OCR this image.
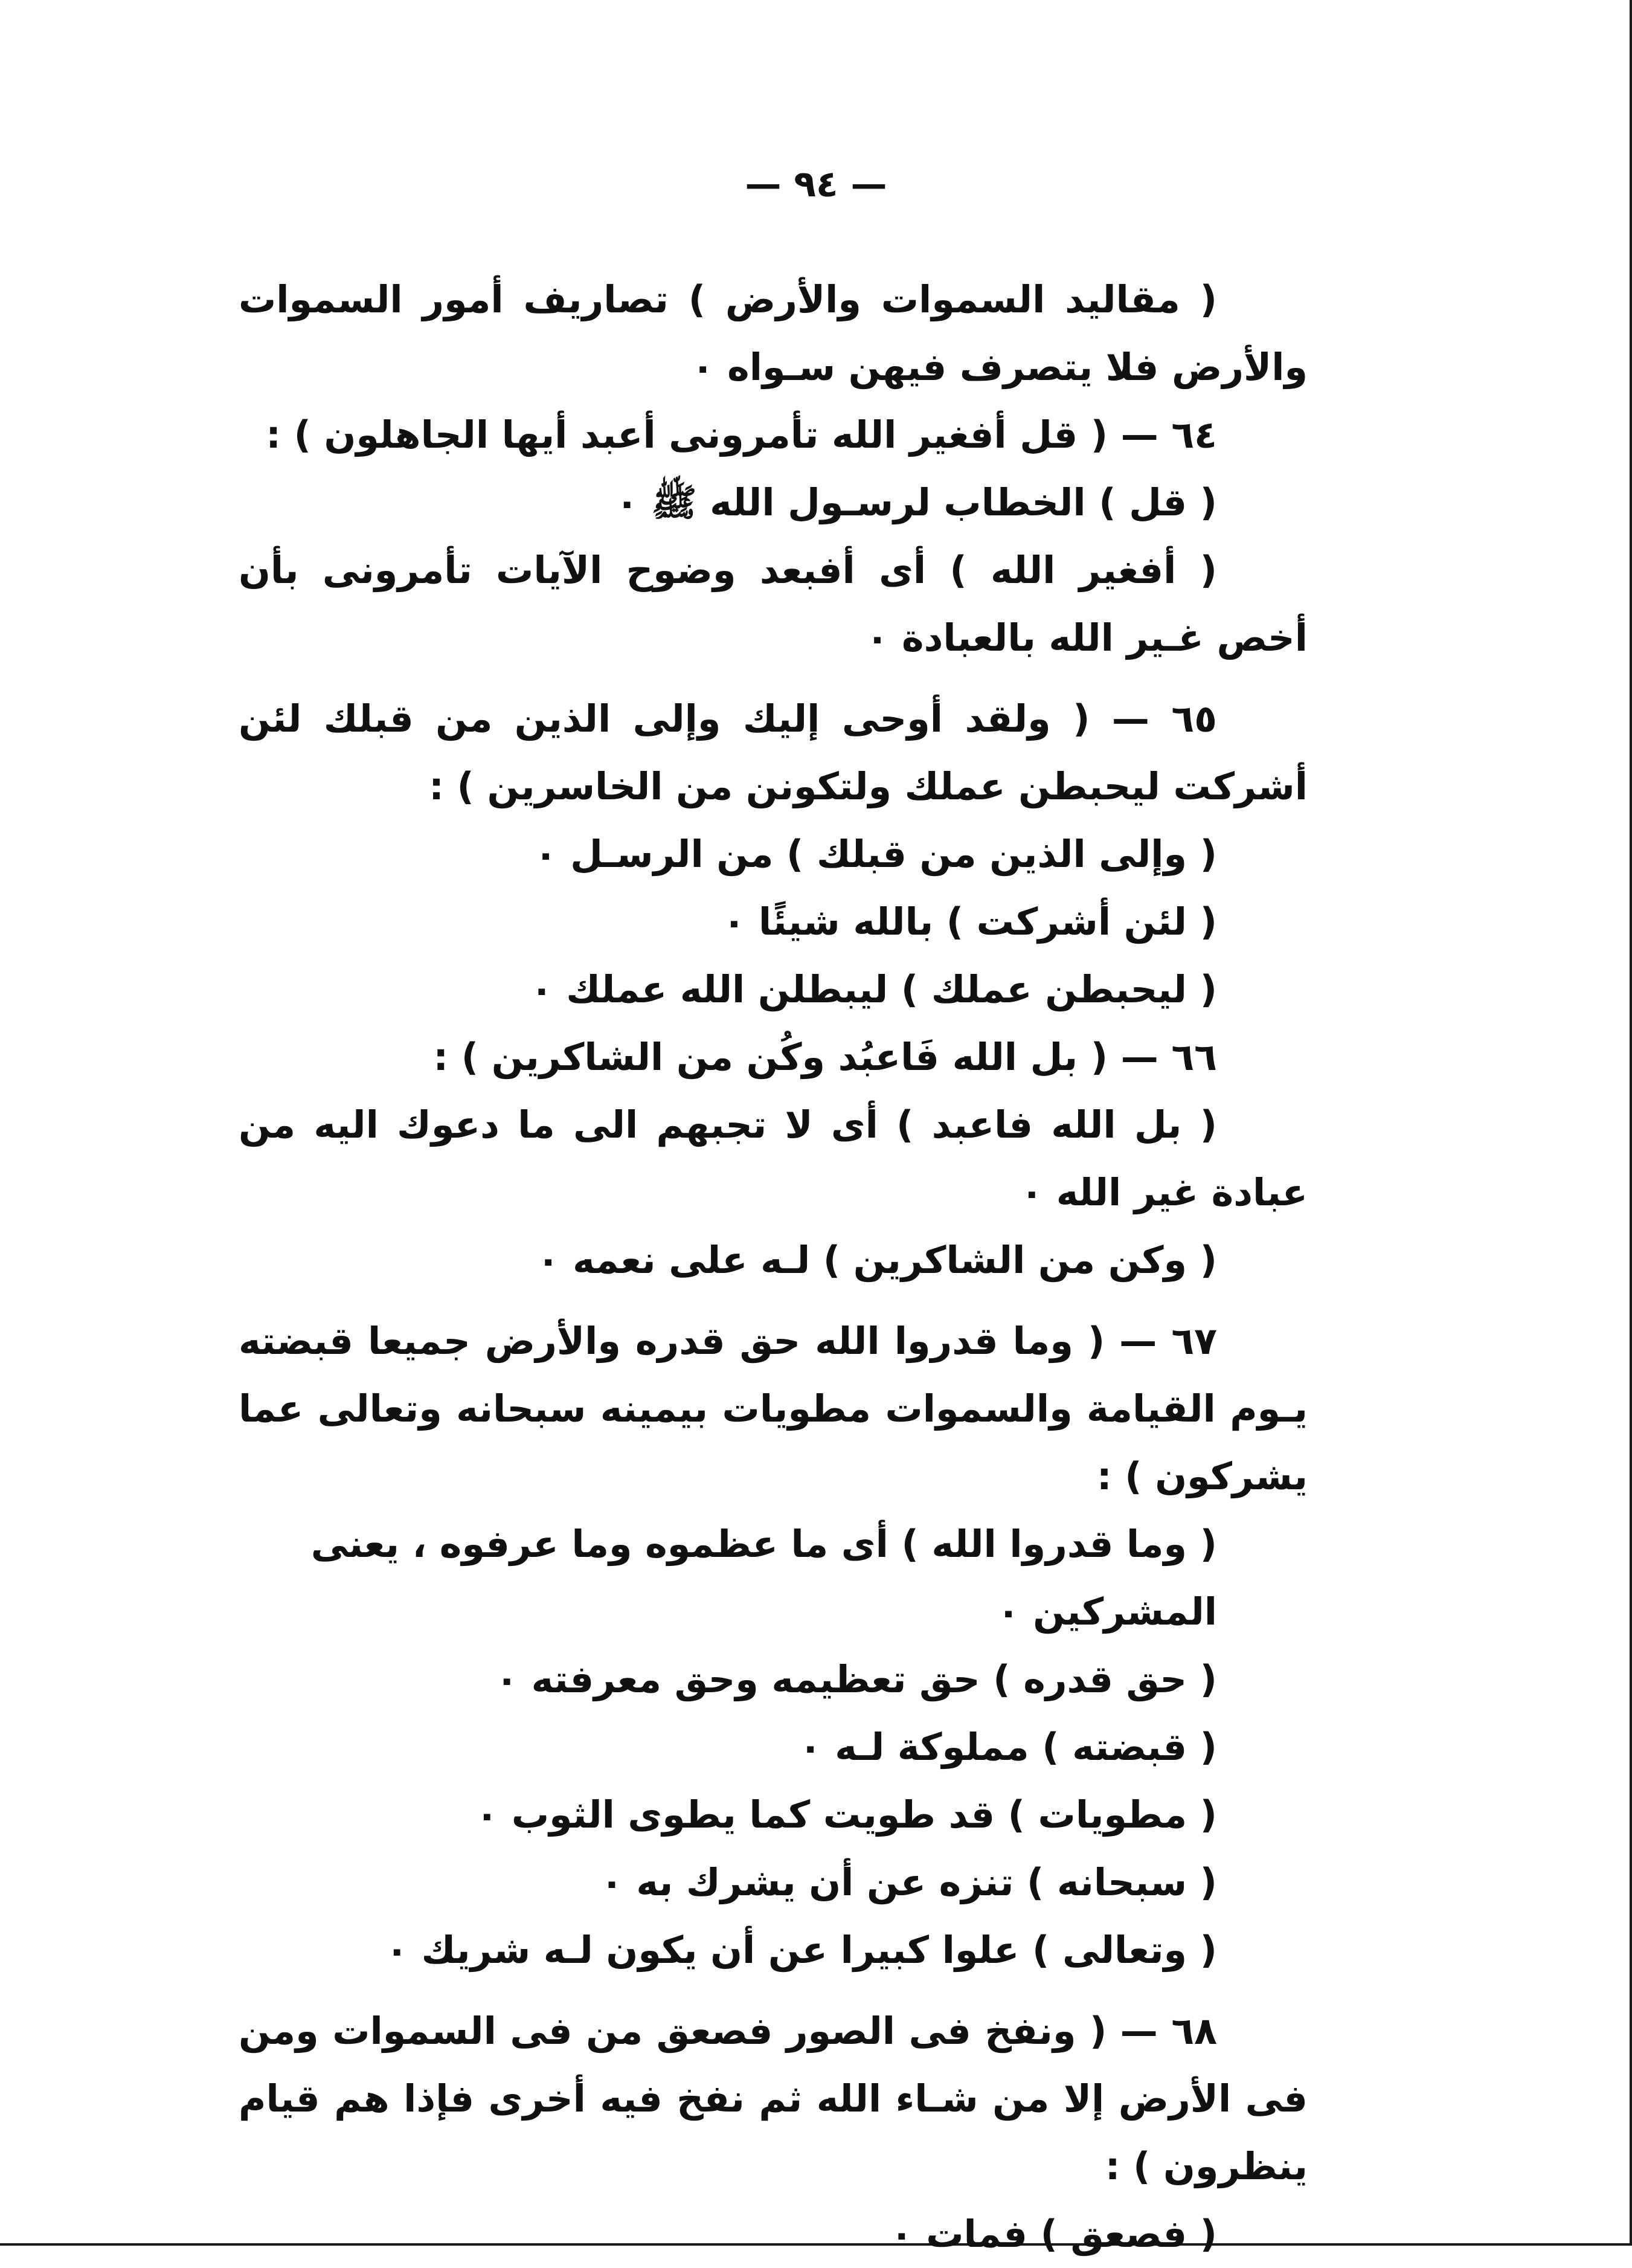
— ٩٤ —

( مقاليد السموات والأرض ) تصاريف أمور السموات والأرض فلا يتصرف فيهن سـواه ٠

٦٤ — ( قل أفغير الله تأمرونى أعبد أيها الجاهلون ) :

( قل ) الخطاب لرسـول الله ﷺ ٠

( أفغير الله ) أى أفبعد وضوح الآيات تأمرونى بأن أخص غـير الله بالعبادة ٠

٦٥ — ( ولقد أوحى إليك وإلى الذين من قبلك لئن أشركت ليحبطن عملك ولتكونن من الخاسرين ) :

( وإلى الذين من قبلك ) من الرسـل ٠

( لئن أشركت ) بالله شيئًا ٠

( ليحبطن عملك ) ليبطلن الله عملك ٠

٦٦ — ( بل الله فَاعبُد وكُن من الشاكرين ) :

( بل الله فاعبد ) أى لا تجبهم الى ما دعوك اليه من عبادة غير الله ٠

( وكن من الشاكرين ) لـه على نعمه ٠

٦٧ — ( وما قدروا الله حق قدره والأرض جميعا قبضته يـوم القيامة والسموات مطويات بيمينه سبحانه وتعالى عما يشركون ) :

( وما قدروا الله ) أى ما عظموه وما عرفوه ، يعنى المشركين ٠

( حق قدره ) حق تعظيمه وحق معرفته ٠

( قبضته ) مملوكة لـه ٠

( مطويات ) قد طويت كما يطوى الثوب ٠

( سبحانه ) تنزه عن أن يشرك به ٠

( وتعالى ) علوا كبيرا عن أن يكون لـه شريك ٠

٦٨ — ( ونفخ فى الصور فصعق من فى السموات ومن فى الأرض إلا من شـاء الله ثم نفخ فيه أخرى فإذا هم قيام ينظرون ) :

( فصعق ) فمات ٠
